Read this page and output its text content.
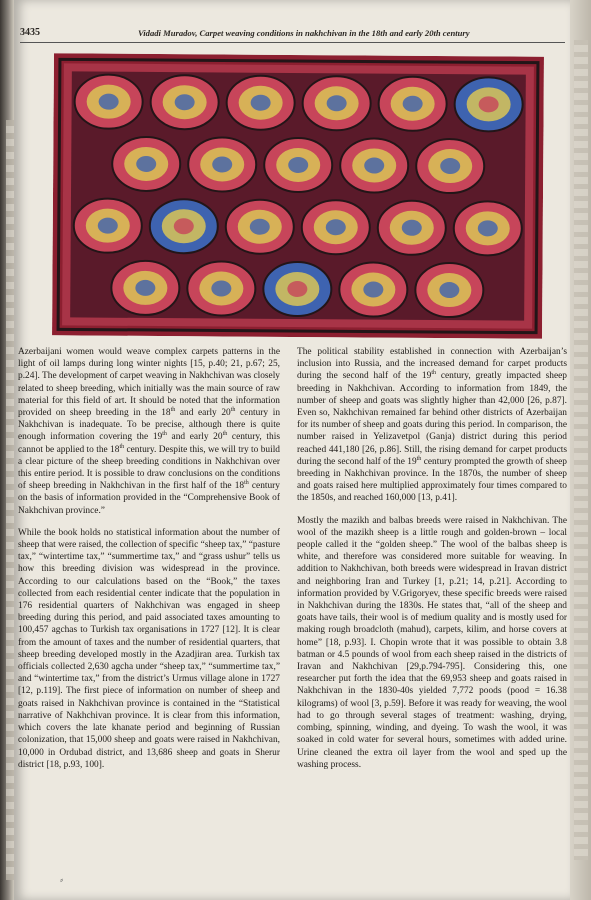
3435	Vidadi Muradov, Carpet weaving conditions in nakhchivan in the 18th and early 20th century

Azerbaijani women would weave complex carpets patterns in the light of oil lamps during long winter nights [15, p.40; 21, p.67; 25, p.24]. The development of carpet weaving in Nakhchivan was closely related to sheep breeding, which initially was the main source of raw material for this field of art. It should be noted that the information provided on sheep breeding in the 18th and early 20th century in Nakhchivan is inadequate. To be precise, although there is quite enough information covering the 19th and early 20th century, this cannot be applied to the 18th century. Despite this, we will try to build a clear picture of the sheep breeding conditions in Nakhchivan over this entire period. It is possible to draw conclusions on the conditions of sheep breeding in Nakhchivan in the first half of the 18th century on the basis of information provided in the “Comprehensive Book of Nakhchivan province.”

While the book holds no statistical information about the number of sheep that were raised, the collection of specific “sheep tax,” “pasture tax,” “wintertime tax,” “summertime tax,” and “grass ushur” tells us how this breeding division was widespread in the province. According to our calculations based on the “Book,” the taxes collected from each residential center indicate that the population in 176 residential quarters of Nakhchivan was engaged in sheep breeding during this period, and paid associated taxes amounting to 100,457 agchas to Turkish tax organisations in 1727 [12]. It is clear from the amount of taxes and the number of residential quarters, that sheep breeding developed mostly in the Azadjiran area. Turkish tax officials collected 2,630 agcha under “sheep tax,” “summertime tax,” and “wintertime tax,” from the district’s Urmus village alone in 1727 [12, p.119]. The first piece of information on number of sheep and goats raised in Nakhchivan province is contained in the “Statistical narrative of Nakhchivan province. It is clear from this information, which covers the late khanate period and beginning of Russian colonization, that 15,000 sheep and goats were raised in Nakhchivan, 10,000 in Ordubad district, and 13,686 sheep and goats in Sherur district [18, p.93, 100].

The political stability established in connection with Azerbaijan’s inclusion into Russia, and the increased demand for carpet products during the second half of the 19th century, greatly impacted sheep breeding in Nakhchivan. According to information from 1849, the number of sheep and goats was slightly higher than 42,000 [26, p.87]. Even so, Nakhchivan remained far behind other districts of Azerbaijan for its number of sheep and goats during this period. In comparison, the number raised in Yelizavetpol (Ganja) district during this period reached 441,180 [26, p.86]. Still, the rising demand for carpet products during the second half of the 19th century prompted the growth of sheep breeding in Nakhchivan province. In the 1870s, the number of sheep and goats raised here multiplied approximately four times compared to the 1850s, and reached 160,000 [13, p.41].

Mostly the mazikh and balbas breeds were raised in Nakhchivan. The wool of the mazikh sheep is a little rough and golden-brown – local people called it the “golden sheep.” The wool of the balbas sheep is white, and therefore was considered more suitable for weaving. In addition to Nakhchivan, both breeds were widespread in Iravan district and neighboring Iran and Turkey [1, p.21; 14, p.21]. According to information provided by V.Grigoryev, these specific breeds were raised in Nakhchivan during the 1830s. He states that, “all of the sheep and goats have tails, their wool is of medium quality and is mostly used for making rough broadcloth (mahud), carpets, kilim, and horse covers at home” [18, p.93]. I. Chopin wrote that it was possible to obtain 3.8 batman or 4.5 pounds of wool from each sheep raised in the districts of Iravan and Nakhchivan [29,p.794-795]. Considering this, one researcher put forth the idea that the 69,953 sheep and goats raised in Nakhchivan in the 1830-40s yielded 7,772 poods (pood = 16.38 kilograms) of wool [3, p.59]. Before it was ready for weaving, the wool had to go through several stages of treatment: washing, drying, combing, spinning, winding, and dyeing. To wash the wool, it was soaked in cold water for several hours, sometimes with added urine. Urine cleaned the extra oil layer from the wool and sped up the washing process.

⸗
